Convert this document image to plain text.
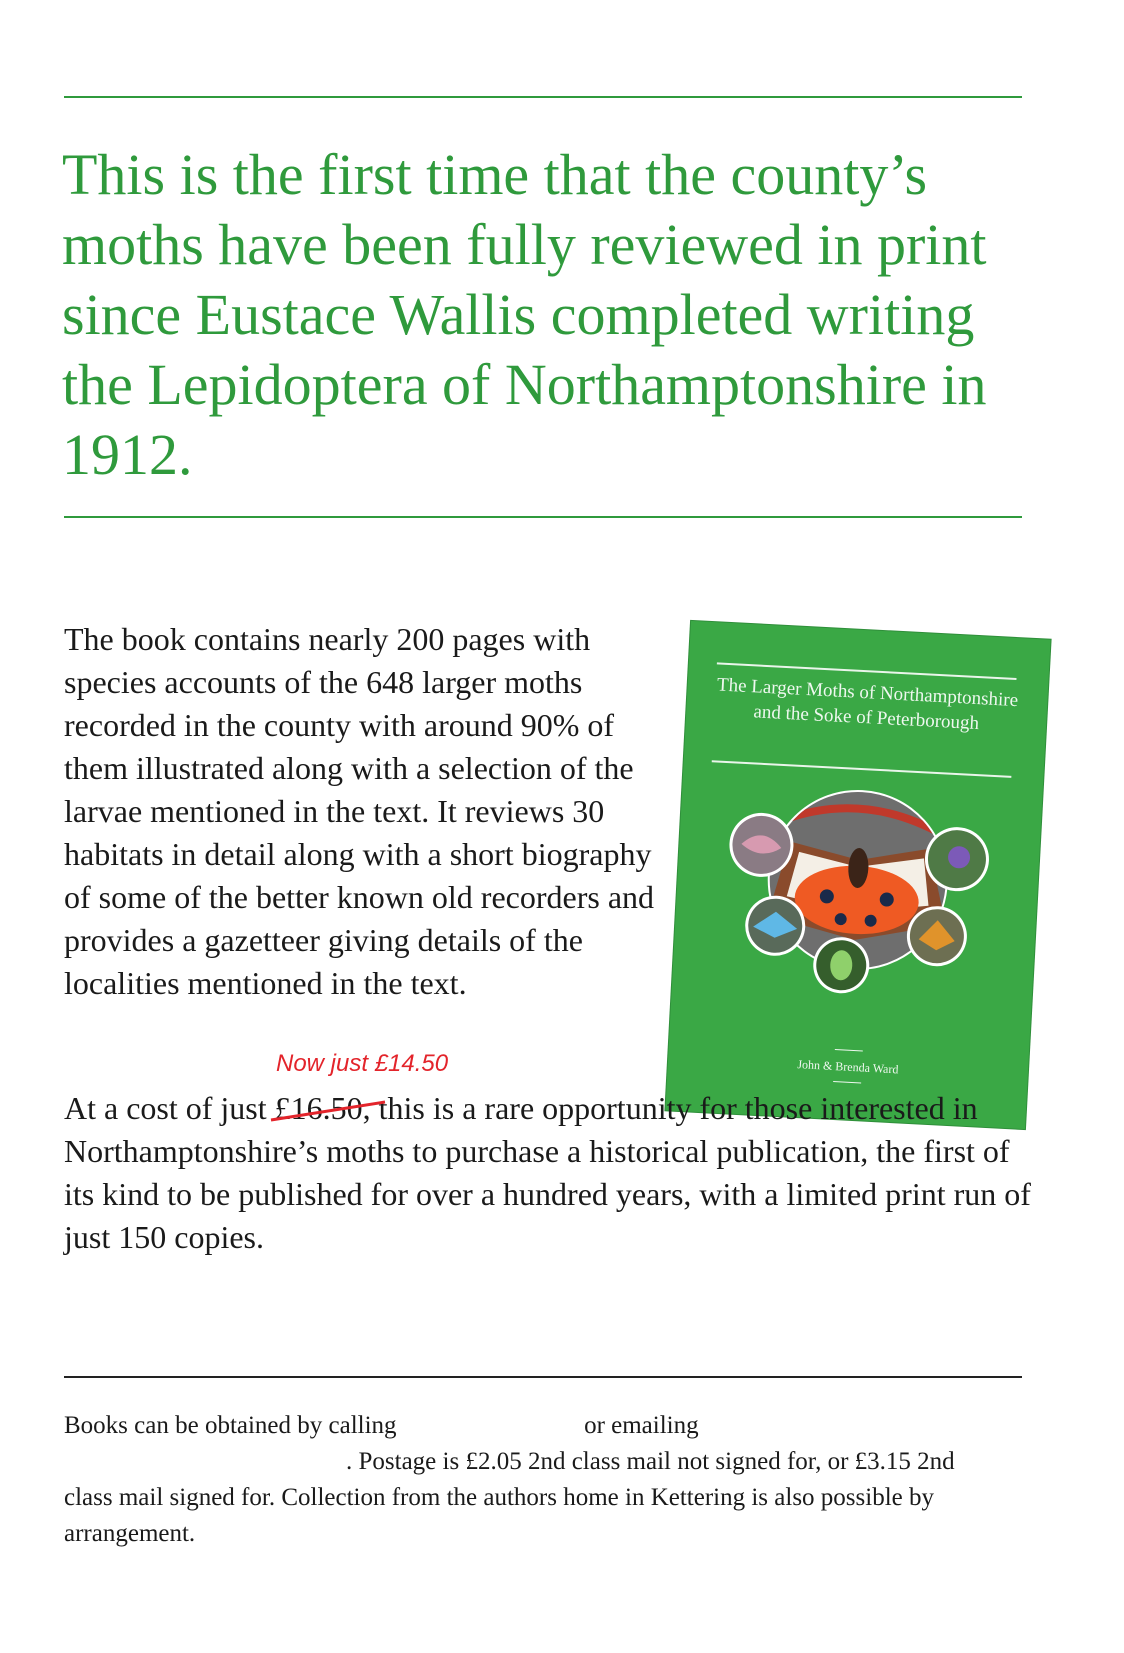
This is the first time that the county’s moths have been fully reviewed in print since Eustace Wallis completed writing the Lepidoptera of Northamptonshire in 1912.

The book contains nearly 200 pages with species accounts of the 648 larger moths recorded in the county with around 90% of them illustrated along with a selection of the larvae mentioned in the text. It reviews 30 habitats in detail along with a short biography of some of the better known old recorders and provides a gazetteer giving details of the localities mentioned in the text.

The Larger Moths of Northamptonshire and the Soke of Peterborough

John & Brenda Ward
Now just £14.50

At a cost of just £16.50
, this is a rare opportunity for those interested in Northamptonshire’s moths to purchase a historical publication, the first of its kind to be published for over a hundred years, with a limited print run of just 150 copies.

Books can be obtained by calling	or emailing
. Postage is £2.05 2nd class mail not signed for, or £3.15 2nd class mail signed for. Collection from the authors home in Kettering is also possible by arrangement.
